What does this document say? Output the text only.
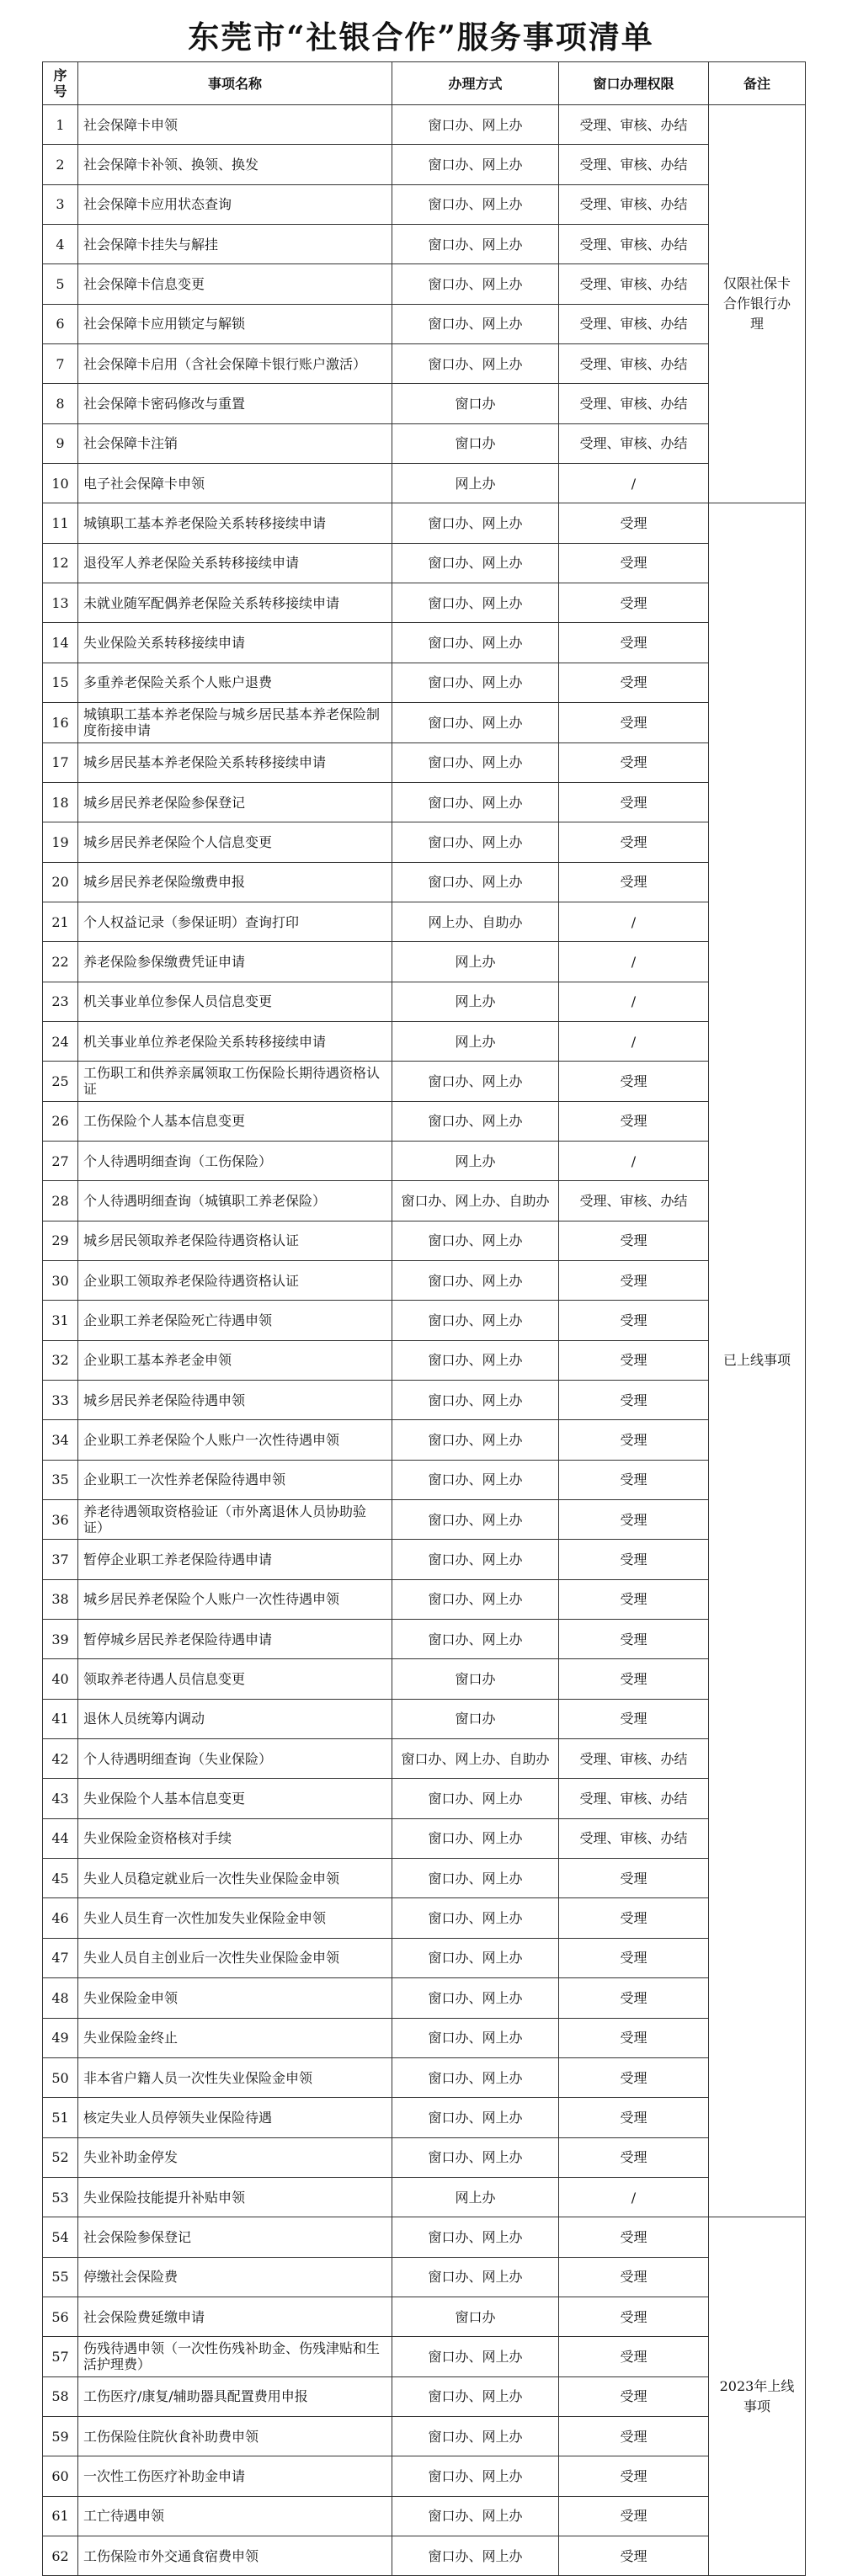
东莞市“社银合作”服务事项清单
序号	事项名称	办理方式	窗口办理权限	备注
1	社会保障卡申领	窗口办、网上办	受理、审核、办结	仅限社保卡合作银行办理
2	社会保障卡补领、换领、换发	窗口办、网上办	受理、审核、办结	
3	社会保障卡应用状态查询	窗口办、网上办	受理、审核、办结	
4	社会保障卡挂失与解挂	窗口办、网上办	受理、审核、办结	
5	社会保障卡信息变更	窗口办、网上办	受理、审核、办结	
6	社会保障卡应用锁定与解锁	窗口办、网上办	受理、审核、办结	
7	社会保障卡启用（含社会保障卡银行账户激活）	窗口办、网上办	受理、审核、办结	
8	社会保障卡密码修改与重置	窗口办	受理、审核、办结	
9	社会保障卡注销	窗口办	受理、审核、办结	
10	电子社会保障卡申领	网上办	/	
11	城镇职工基本养老保险关系转移接续申请	窗口办、网上办	受理	已上线事项
12	退役军人养老保险关系转移接续申请	窗口办、网上办	受理	
13	未就业随军配偶养老保险关系转移接续申请	窗口办、网上办	受理	
14	失业保险关系转移接续申请	窗口办、网上办	受理	
15	多重养老保险关系个人账户退费	窗口办、网上办	受理	
16	城镇职工基本养老保险与城乡居民基本养老保险制度衔接申请	窗口办、网上办	受理	
17	城乡居民基本养老保险关系转移接续申请	窗口办、网上办	受理	
18	城乡居民养老保险参保登记	窗口办、网上办	受理	
19	城乡居民养老保险个人信息变更	窗口办、网上办	受理	
20	城乡居民养老保险缴费申报	窗口办、网上办	受理	
21	个人权益记录（参保证明）查询打印	网上办、自助办	/	
22	养老保险参保缴费凭证申请	网上办	/	
23	机关事业单位参保人员信息变更	网上办	/	
24	机关事业单位养老保险关系转移接续申请	网上办	/	
25	工伤职工和供养亲属领取工伤保险长期待遇资格认证	窗口办、网上办	受理	
26	工伤保险个人基本信息变更	窗口办、网上办	受理	
27	个人待遇明细查询（工伤保险）	网上办	/	
28	个人待遇明细查询（城镇职工养老保险）	窗口办、网上办、自助办	受理、审核、办结	
29	城乡居民领取养老保险待遇资格认证	窗口办、网上办	受理	
30	企业职工领取养老保险待遇资格认证	窗口办、网上办	受理	
31	企业职工养老保险死亡待遇申领	窗口办、网上办	受理	
32	企业职工基本养老金申领	窗口办、网上办	受理	
33	城乡居民养老保险待遇申领	窗口办、网上办	受理	
34	企业职工养老保险个人账户一次性待遇申领	窗口办、网上办	受理	
35	企业职工一次性养老保险待遇申领	窗口办、网上办	受理	
36	养老待遇领取资格验证（市外离退休人员协助验证）	窗口办、网上办	受理	
37	暂停企业职工养老保险待遇申请	窗口办、网上办	受理	
38	城乡居民养老保险个人账户一次性待遇申领	窗口办、网上办	受理	
39	暂停城乡居民养老保险待遇申请	窗口办、网上办	受理	
40	领取养老待遇人员信息变更	窗口办	受理	
41	退休人员统筹内调动	窗口办	受理	
42	个人待遇明细查询（失业保险）	窗口办、网上办、自助办	受理、审核、办结	
43	失业保险个人基本信息变更	窗口办、网上办	受理、审核、办结	
44	失业保险金资格核对手续	窗口办、网上办	受理、审核、办结	
45	失业人员稳定就业后一次性失业保险金申领	窗口办、网上办	受理	
46	失业人员生育一次性加发失业保险金申领	窗口办、网上办	受理	
47	失业人员自主创业后一次性失业保险金申领	窗口办、网上办	受理	
48	失业保险金申领	窗口办、网上办	受理	
49	失业保险金终止	窗口办、网上办	受理	
50	非本省户籍人员一次性失业保险金申领	窗口办、网上办	受理	
51	核定失业人员停领失业保险待遇	窗口办、网上办	受理	
52	失业补助金停发	窗口办、网上办	受理	
53	失业保险技能提升补贴申领	网上办	/	
54	社会保险参保登记	窗口办、网上办	受理	2023年上线事项
55	停缴社会保险费	窗口办、网上办	受理	
56	社会保险费延缴申请	窗口办	受理	
57	伤残待遇申领（一次性伤残补助金、伤残津贴和生活护理费）	窗口办、网上办	受理	
58	工伤医疗/康复/辅助器具配置费用申报	窗口办、网上办	受理	
59	工伤保险住院伙食补助费申领	窗口办、网上办	受理	
60	一次性工伤医疗补助金申请	窗口办、网上办	受理	
61	工亡待遇申领	窗口办、网上办	受理	
62	工伤保险市外交通食宿费申领	窗口办、网上办	受理	
